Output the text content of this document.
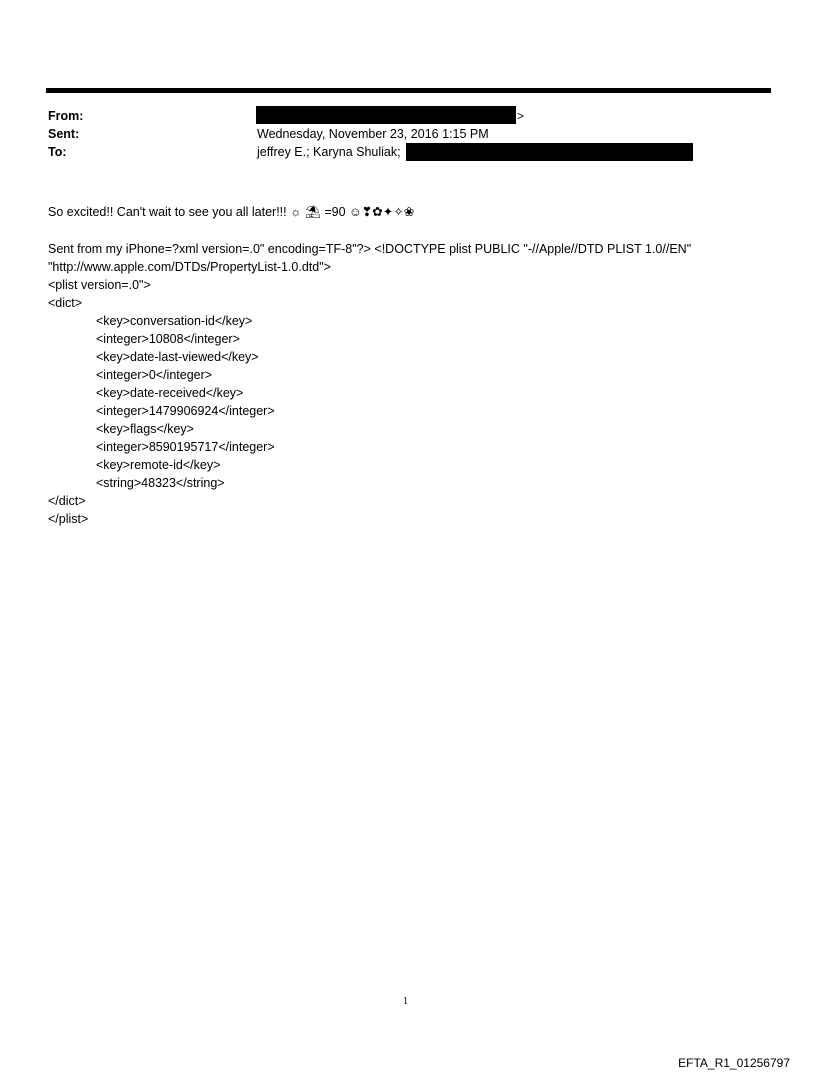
From:	>
Sent:	Wednesday, November 23, 2016 1:15 PM
To:	jeffrey E.; Karyna Shuliak;
So excited!! Can't wait to see you all later!!! ☼ ⛱ =90 ☺❣✿✦✧❀
Sent from my iPhone=?xml version=.0" encoding=TF-8"?> <!DOCTYPE plist PUBLIC "-//Apple//DTD PLIST 1.0//EN"
"http://www.apple.com/DTDs/PropertyList-1.0.dtd">
<plist version=.0">
<dict>
<key>conversation-id</key>
<integer>10808</integer>
<key>date-last-viewed</key>
<integer>0</integer>
<key>date-received</key>
<integer>1479906924</integer>
<key>flags</key>
<integer>8590195717</integer>
<key>remote-id</key>
<string>48323</string>
</dict>
</plist>
1
EFTA_R1_01256797
